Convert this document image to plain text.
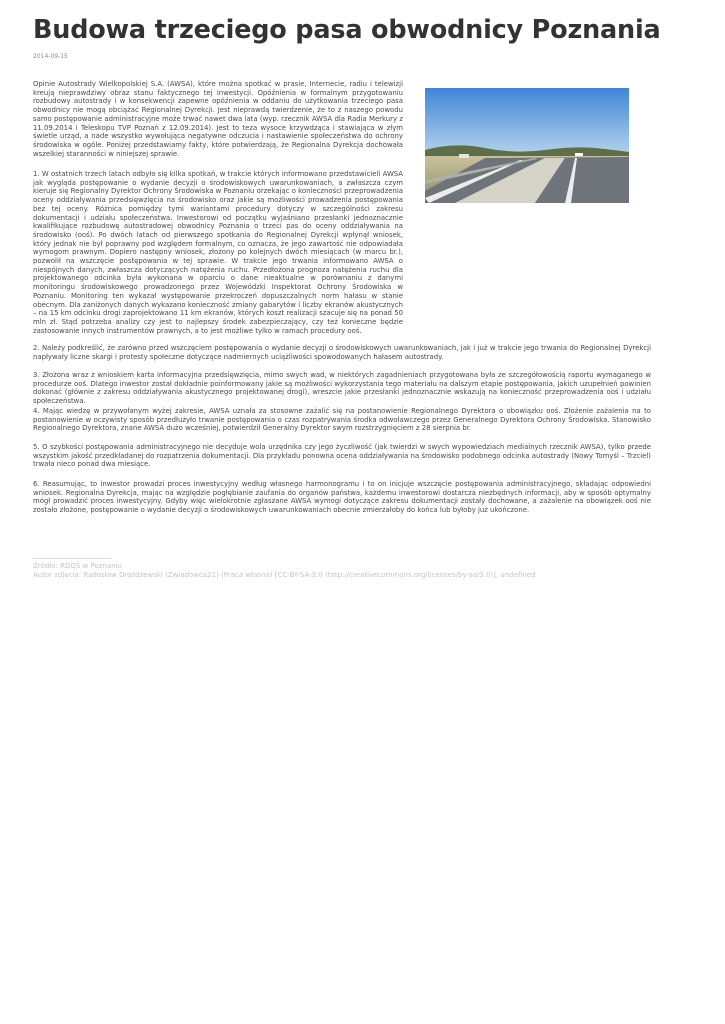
Budowa trzeciego pasa obwodnicy Poznania
2014-09-15

Opinie Autostrady Wielkopolskiej S.A. (AWSA), które można spotkać w prasie, Internecie, radiu i telewizji kreują nieprawdziwy obraz stanu faktycznego tej inwestycji. Opóźnienia w formalnym przygotowaniu rozbudowy autostrady i w konsekwencji zapewne opóźnienia w oddaniu do użytkowania trzeciego pasa obwodnicy nie mogą obciążać Regionalnej Dyrekcji. Jest nieprawdą twierdzenie, że to z naszego powodu samo postępowanie administracyjne może trwać nawet dwa lata (wyp. rzecznik AWSA dla Radia Merkury z 11.09.2014 i Teleskopu TVP Poznań z 12.09.2014). Jest to teza wysoce krzywdząca i stawiająca w złym świetle urząd, a nade wszystko wywołująca negatywne odczucia i nastawienie społeczeństwa do ochrony środowiska w ogóle. Poniżej przedstawiamy fakty, które potwierdzają, że Regionalna Dyrekcja dochowała wszelkiej staranności w niniejszej sprawie.

1. W ostatnich trzech latach odbyło się kilka spotkań, w trakcie których informowano przedstawicieli AWSA jak wygląda postępowanie o wydanie decyzji o środowiskowych uwarunkowaniach, a zwłaszcza czym kieruje się Regionalny Dyrektor Ochrony Środowiska w Poznaniu orzekając o konieczności przeprowadzenia oceny oddziaływania przedsięwzięcia na środowisko oraz jakie są możliwości prowadzenia postępowania bez tej oceny. Różnica pomiędzy tymi wariantami procedury dotyczy w szczególności zakresu dokumentacji i udziału społeczeństwa. Inwestorowi od początku wyjaśniano przesłanki jednoznacznie kwalifikujące rozbudowę autostradowej obwodnicy Poznania o trzeci pas do oceny oddziaływania na środowisko (ooś). Po dwóch latach od pierwszego spotkania do Regionalnej Dyrekcji wpłynął wniosek, który jednak nie był poprawny pod względem formalnym, co oznacza, że jego zawartość nie odpowiadała wymogom prawnym. Dopiero następny wniosek, złożony po kolejnych dwóch miesiącach (w marcu br.), pozwolił na wszczęcie postępowania w tej sprawie. W trakcie jego trwania informowano AWSA o niespójnych danych, zwłaszcza dotyczących natężenia ruchu. Przedłożona prognoza natężenia ruchu dla projektowanego odcinka była wykonana w oparciu o dane nieaktualne w porównaniu z danymi monitoringu środowiskowego prowadzonego przez Wojewódzki Inspektorat Ochrony Środowiska w Poznaniu. Monitoring ten wykazał występowanie przekroczeń dopuszczalnych norm hałasu w stanie obecnym. Dla zaniżonych danych wykazano konieczność zmiany gabarytów i liczby ekranów akustycznych – na 15 km odcinku drogi zaprojektowano 11 km ekranów, których koszt realizacji szacuje się na ponad 50 mln zł. Stąd potrzeba analizy czy jest to najlepszy środek zabezpieczający, czy też konieczne będzie zastosowanie innych instrumentów prawnych, a to jest możliwe tylko w ramach procedury ooś.

2. Należy podkreślić, że zarówno przed wszczęciem postępowania o wydanie decyzji o środowiskowych uwarunkowaniach, jak i już w trakcie jego trwania do Regionalnej Dyrekcji napływały liczne skargi i protesty społeczne dotyczące nadmiernych uciążliwości spowodowanych hałasem autostrady.

3. Złożona wraz z wnioskiem karta informacyjna przedsięwzięcia, mimo swych wad, w niektórych zagadnieniach przygotowana była ze szczegółowością raportu wymaganego w procedurze ooś. Dlatego inwestor został dokładnie poinformowany jakie są możliwości wykorzystania tego materiału na dalszym etapie postępowania, jakich uzupełnień powinien dokonać (głównie z zakresu oddziaływania akustycznego projektowanej drogi), wreszcie jakie przesłanki jednoznacznie wskazują na konieczność przeprowadzenia ooś i udziału społeczeństwa.

4. Mając wiedzę w przywołanym wyżej zakresie, AWSA uznała za stosowne zażalić się na postanowienie Regionalnego Dyrektora o obowiązku ooś. Złożenie zażalenia na to postanowienie w oczywisty sposób przedłużyło trwanie postępowania o czas rozpatrywania środka odwoławczego przez Generalnego Dyrektora Ochrony Środowiska. Stanowisko Regionalnego Dyrektora, znane AWSA dużo wcześniej, potwierdził Generalny Dyrektor swym rozstrzygnięciem z 28 sierpnia br.

5. O szybkości postępowania administracyjnego nie decyduje wola urzędnika czy jego życzliwość (jak twierdzi w swych wypowiedziach medialnych rzecznik AWSA), tylko przede wszystkim jakość przedkładanej do rozpatrzenia dokumentacji. Dla przykładu ponowna ocena oddziaływania na środowisko podobnego odcinka autostrady (Nowy Tomyśl – Trzciel) trwała nieco ponad dwa miesiące.

6. Reasumując, to inwestor prowadzi proces inwestycyjny według własnego harmonogramu i to on inicjuje wszczęcie postępowania administracyjnego, składając odpowiedni wniosek. Regionalna Dyrekcja, mając na względzie pogłębianie zaufania do organów państwa, każdemu inwestorowi dostarcza niezbędnych informacji, aby w sposób optymalny mógł prowadzić proces inwestycyjny. Gdyby więc wielokrotnie zgłaszane AWSA wymogi dotyczące zakresu dokumentacji zostały dochowane, a zażalenie na obowiązek ooś nie zostało złożone, postępowanie o wydanie decyzji o środowiskowych uwarunkowaniach obecnie zmierzałoby do końca lub byłoby już ukończone.

Źródło: RDOŚ w Poznaniu
Autor zdjęcia: Radosław Drożdżewski (Zwiadowca21) (Praca własna) [CC-BY-SA-3.0 (http://creativecommons.org/licenses/by-sa/3.0)], undefined
